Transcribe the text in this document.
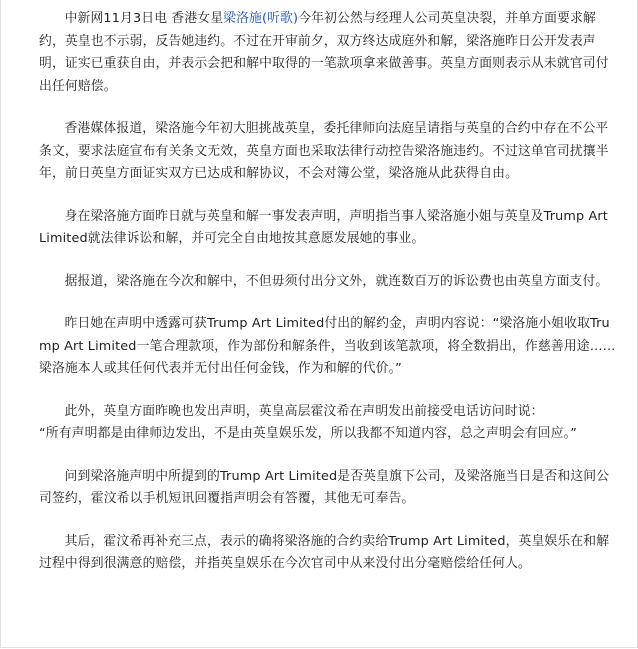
中新网11月3日电 香港女星梁洛施(听歌)今年初公然与经理人公司英皇决裂，并单方面要求解约，英皇也不示弱，反告她违约。不过在开审前夕，双方终达成庭外和解，梁洛施昨日公开发表声明，证实已重获自由，并表示会把和解中取得的一笔款项拿来做善事。英皇方面则表示从未就官司付出任何赔偿。

香港媒体报道，梁洛施今年初大胆挑战英皇，委托律师向法庭呈请指与英皇的合约中存在不公平条文，要求法庭宣布有关条文无效，英皇方面也采取法律行动控告梁洛施违约。不过这单官司扰攘半年，前日英皇方面证实双方已达成和解协议，不会对簿公堂，梁洛施从此获得自由。

身在梁洛施方面昨日就与英皇和解一事发表声明，声明指当事人梁洛施小姐与英皇及Trump Art Limited就法律诉讼和解，并可完全自由地按其意愿发展她的事业。

据报道，梁洛施在今次和解中，不但毋须付出分文外，就连数百万的诉讼费也由英皇方面支付。

昨日她在声明中透露可获Trump Art Limited付出的解约金，声明内容说：“梁洛施小姐收取Trump Art Limited一笔合理款项，作为部份和解条件，当收到该笔款项，将全数捐出，作慈善用途……梁洛施本人或其任何代表并无付出任何金钱，作为和解的代价。”

此外，英皇方面昨晚也发出声明，英皇高层霍汶希在声明发出前接受电话访问时说：

“所有声明都是由律师边发出，不是由英皇娱乐发，所以我都不知道内容，总之声明会有回应。”

问到梁洛施声明中所提到的Trump Art Limited是否英皇旗下公司，及梁洛施当日是否和这间公司签约，霍汶希以手机短讯回覆指声明会有答覆，其他无可奉告。

其后，霍汶希再补充三点，表示的确将梁洛施的合约卖给Trump Art Limited，英皇娱乐在和解过程中得到很满意的赔偿，并指英皇娱乐在今次官司中从来没付出分毫赔偿给任何人。
